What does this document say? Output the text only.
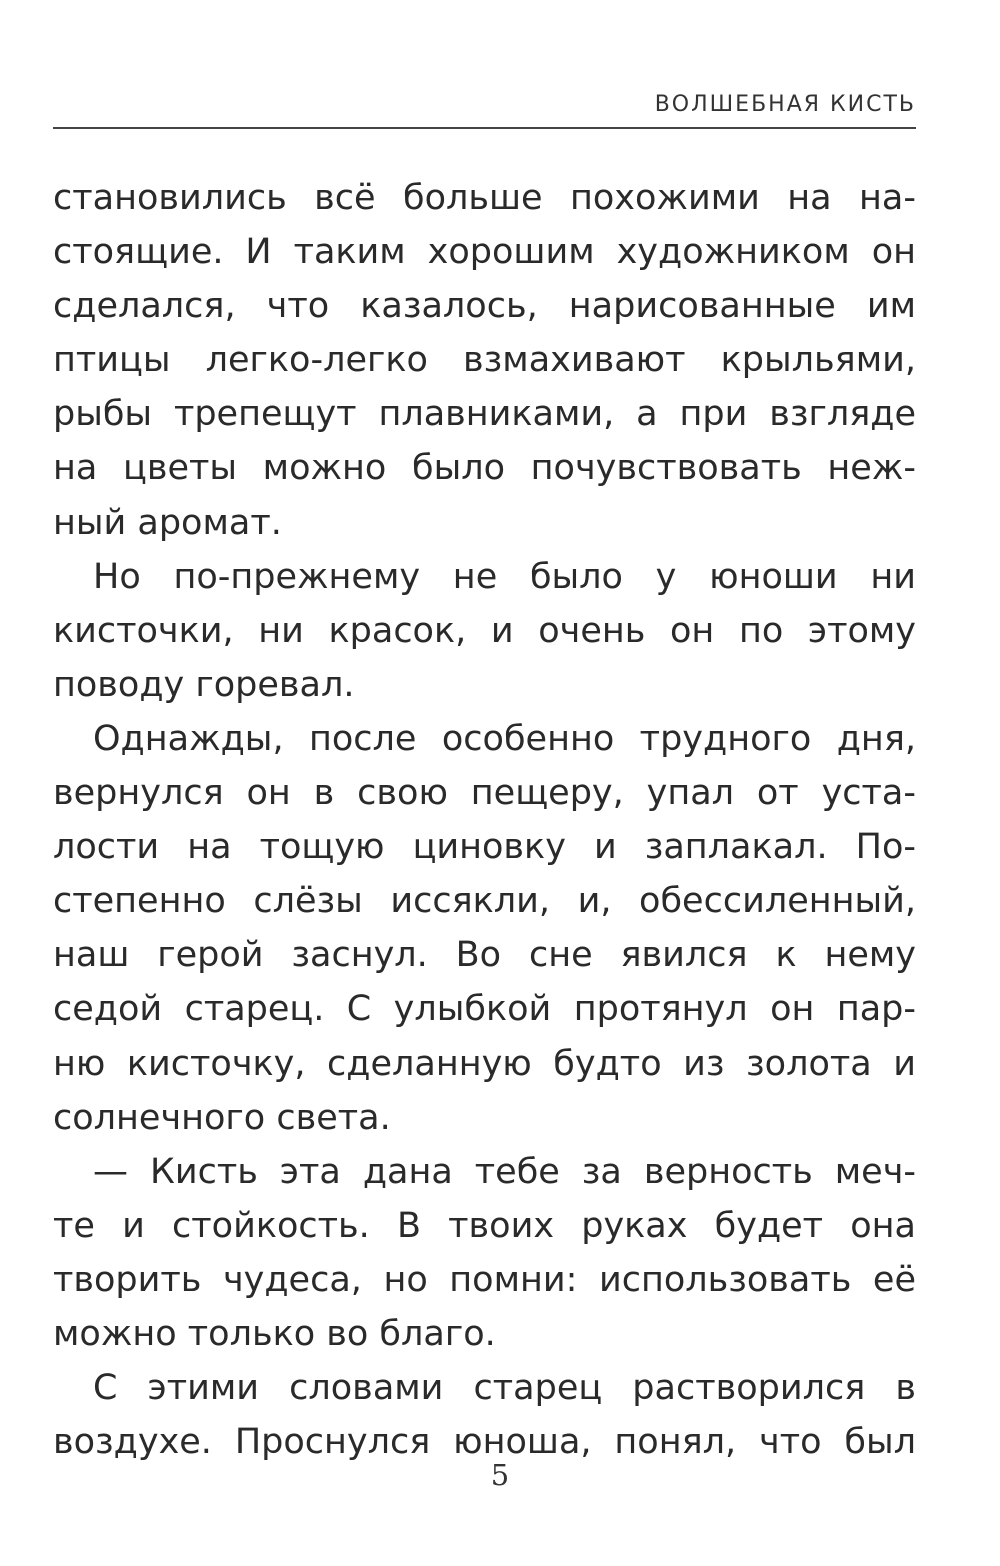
ВОЛШЕБНАЯ КИСТЬ
становились всё больше похожими на на-
стоящие. И таким хорошим художником он
сделался, что казалось, нарисованные им
птицы легко-легко взмахивают крыльями,
рыбы трепещут плавниками, а при взгляде
на цветы можно было почувствовать неж-
ный аромат.
Но по-прежнему не было у юноши ни
кисточки, ни красок, и очень он по этому
поводу горевал.
Однажды, после особенно трудного дня,
вернулся он в свою пещеру, упал от уста-
лости на тощую циновку и заплакал. По-
степенно слёзы иссякли, и, обессиленный,
наш герой заснул. Во сне явился к нему
седой старец. С улыбкой протянул он пар-
ню кисточку, сделанную будто из золота и
солнечного света.
— Кисть эта дана тебе за верность меч-
те и стойкость. В твоих руках будет она
творить чудеса, но помни: использовать её
можно только во благо.
С этими словами старец растворился в
воздухе. Проснулся юноша, понял, что был
5
